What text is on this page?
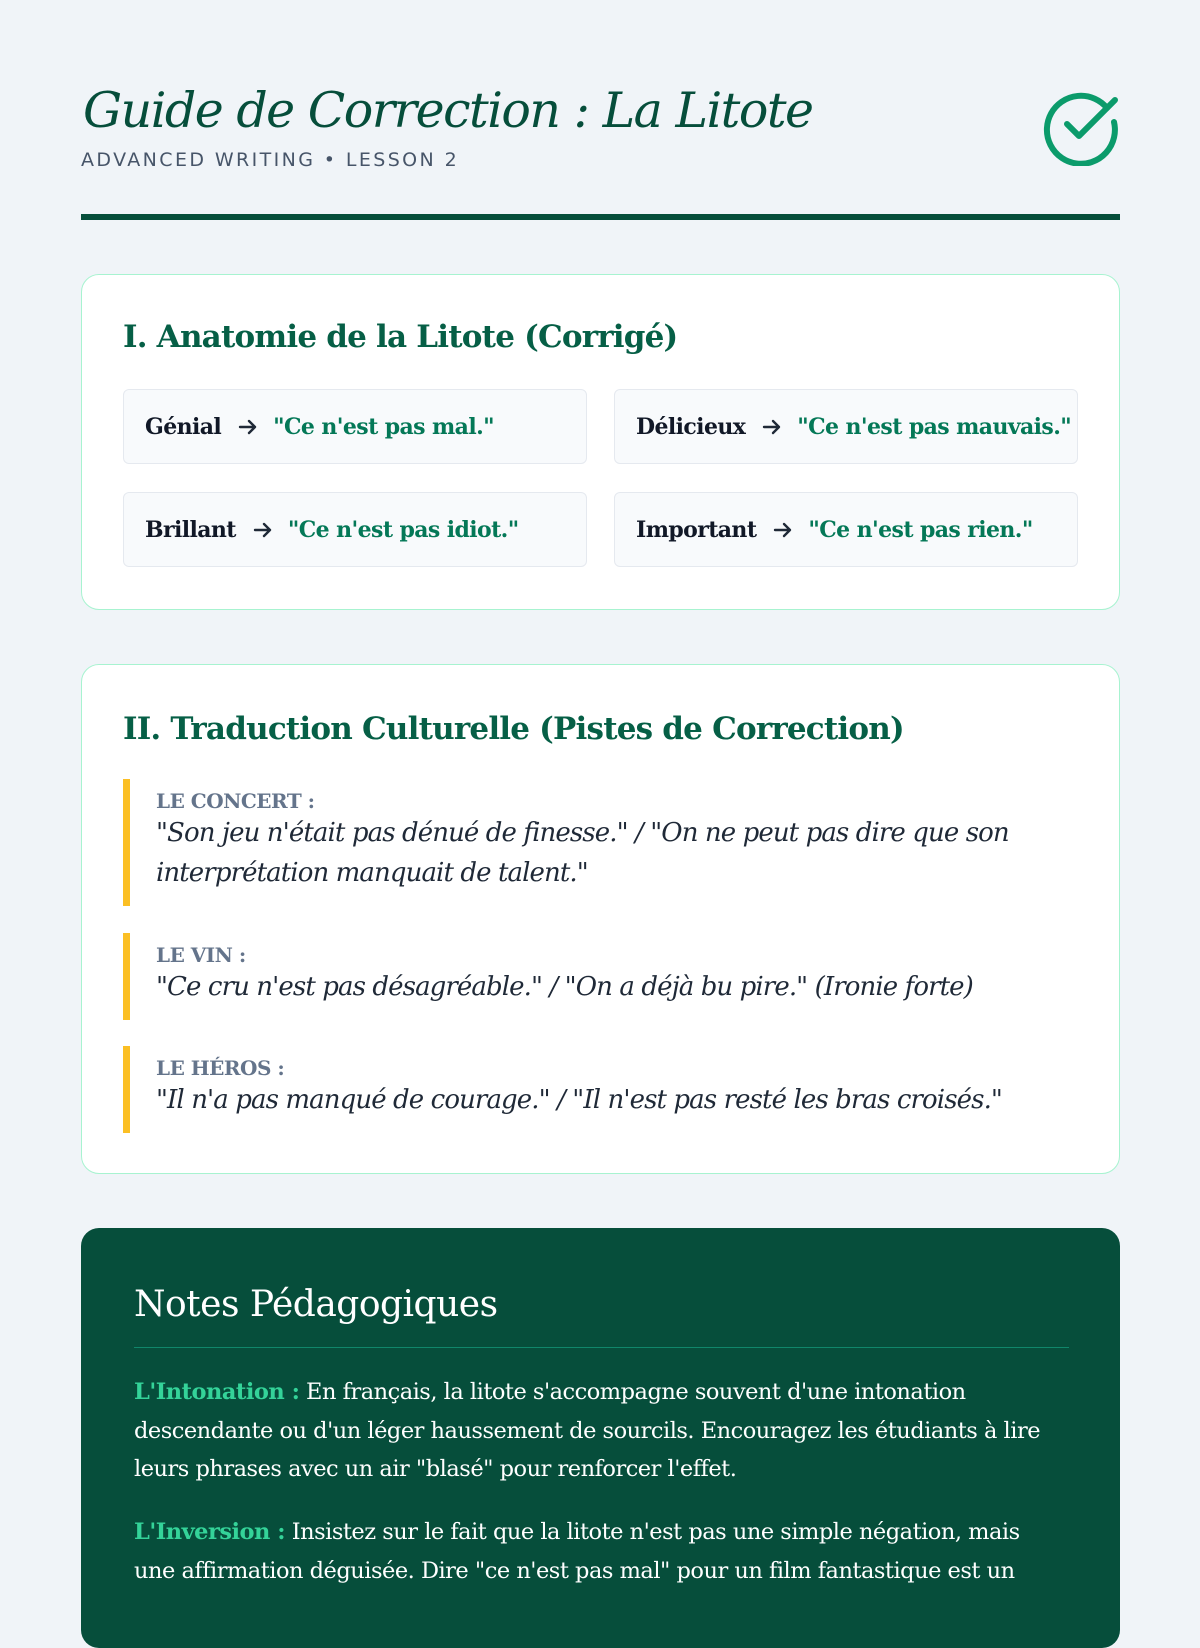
Guide de Correction : La Litote
ADVANCED WRITING • LESSON 2
I. Anatomie de la Litote (Corrigé)
Génial "Ce n'est pas mal."	Délicieux "Ce n'est pas mauvais."
Brillant "Ce n'est pas idiot."	Important "Ce n'est pas rien."
II. Traduction Culturelle (Pistes de Correction)
LE CONCERT :
"Son jeu n'était pas dénué de finesse." / "On ne peut pas dire que son interprétation manquait de talent."
LE VIN :
"Ce cru n'est pas désagréable." / "On a déjà bu pire." (Ironie forte)
LE HÉROS :
"Il n'a pas manqué de courage." / "Il n'est pas resté les bras croisés."
Notes Pédagogiques

L'Intonation : En français, la litote s'accompagne souvent d'une intonation descendante ou d'un léger haussement de sourcils. Encouragez les étudiants à lire leurs phrases avec un air "blasé" pour renforcer l'effet.

L'Inversion : Insistez sur le fait que la litote n'est pas une simple négation, mais une affirmation déguisée. Dire "ce n'est pas mal" pour un film fantastique est un
